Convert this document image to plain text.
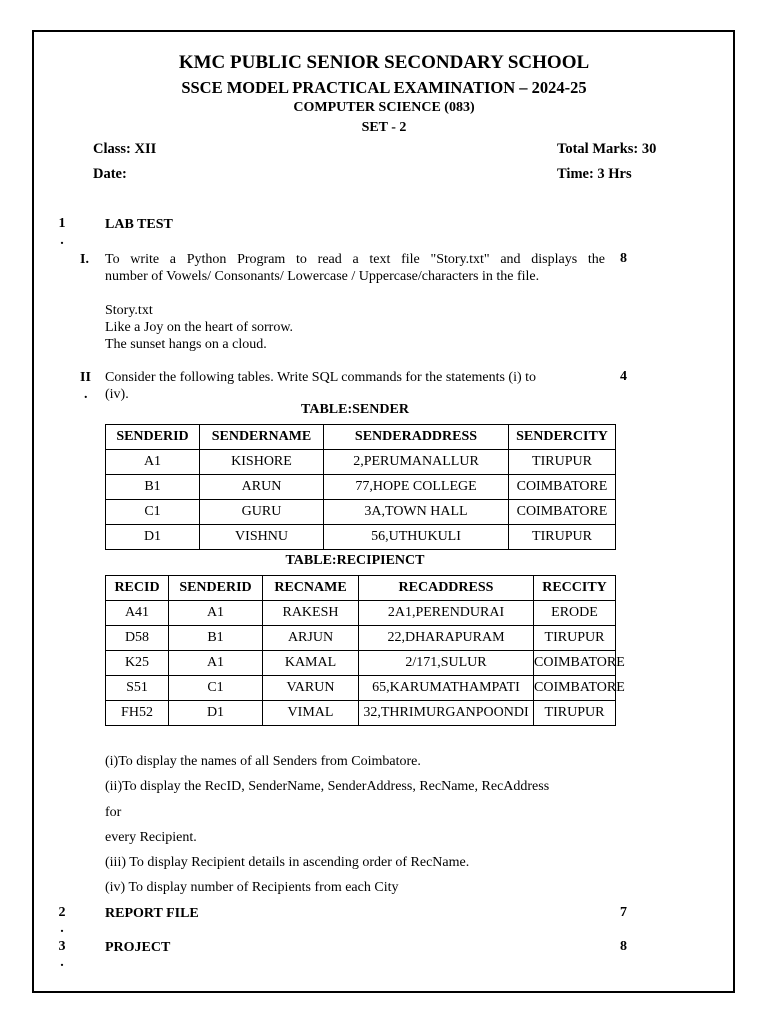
KMC PUBLIC SENIOR SECONDARY SCHOOL
SSCE MODEL PRACTICAL EXAMINATION – 2024-25
COMPUTER SCIENCE (083)
SET - 2
Class: XII	Total Marks: 30
Date:	Time: 3 Hrs
1
.
LAB TEST
I. To write a Python Program to read a text file "Story.txt" and displays the
number of Vowels/ Consonants/ Lowercase / Uppercase/characters in the file.
8
Story.txt
Like a Joy on the heart of sorrow.
The sunset hangs on a cloud.
II
.
Consider the following tables. Write SQL commands for the statements (i) to
(iv).
4
TABLE:SENDER
SENDERID	SENDERNAME	SENDERADDRESS	SENDERCITY
A1	KISHORE	2,PERUMANALLUR	TIRUPUR
B1	ARUN	77,HOPE COLLEGE	COIMBATORE
C1	GURU	3A,TOWN HALL	COIMBATORE
D1	VISHNU	56,UTHUKULI	TIRUPUR
TABLE:RECIPIENCT
RECID	SENDERID	RECNAME	RECADDRESS	RECCITY
A41	A1	RAKESH	2A1,PERENDURAI	ERODE
D58	B1	ARJUN	22,DHARAPURAM	TIRUPUR
K25	A1	KAMAL	2/171,SULUR	COIMBATORE
S51	C1	VARUN	65,KARUMATHAMPATI	COIMBATORE
FH52	D1	VIMAL	32,THRIMURGANPOONDI	TIRUPUR
(i)To display the names of all Senders from Coimbatore.
(ii)To display the RecID, SenderName, SenderAddress, RecName, RecAddress
for
every Recipient.
(iii) To display Recipient details in ascending order of RecName.
(iv) To display number of Recipients from each City
2
.
REPORT FILE	7
3
.
PROJECT	8
